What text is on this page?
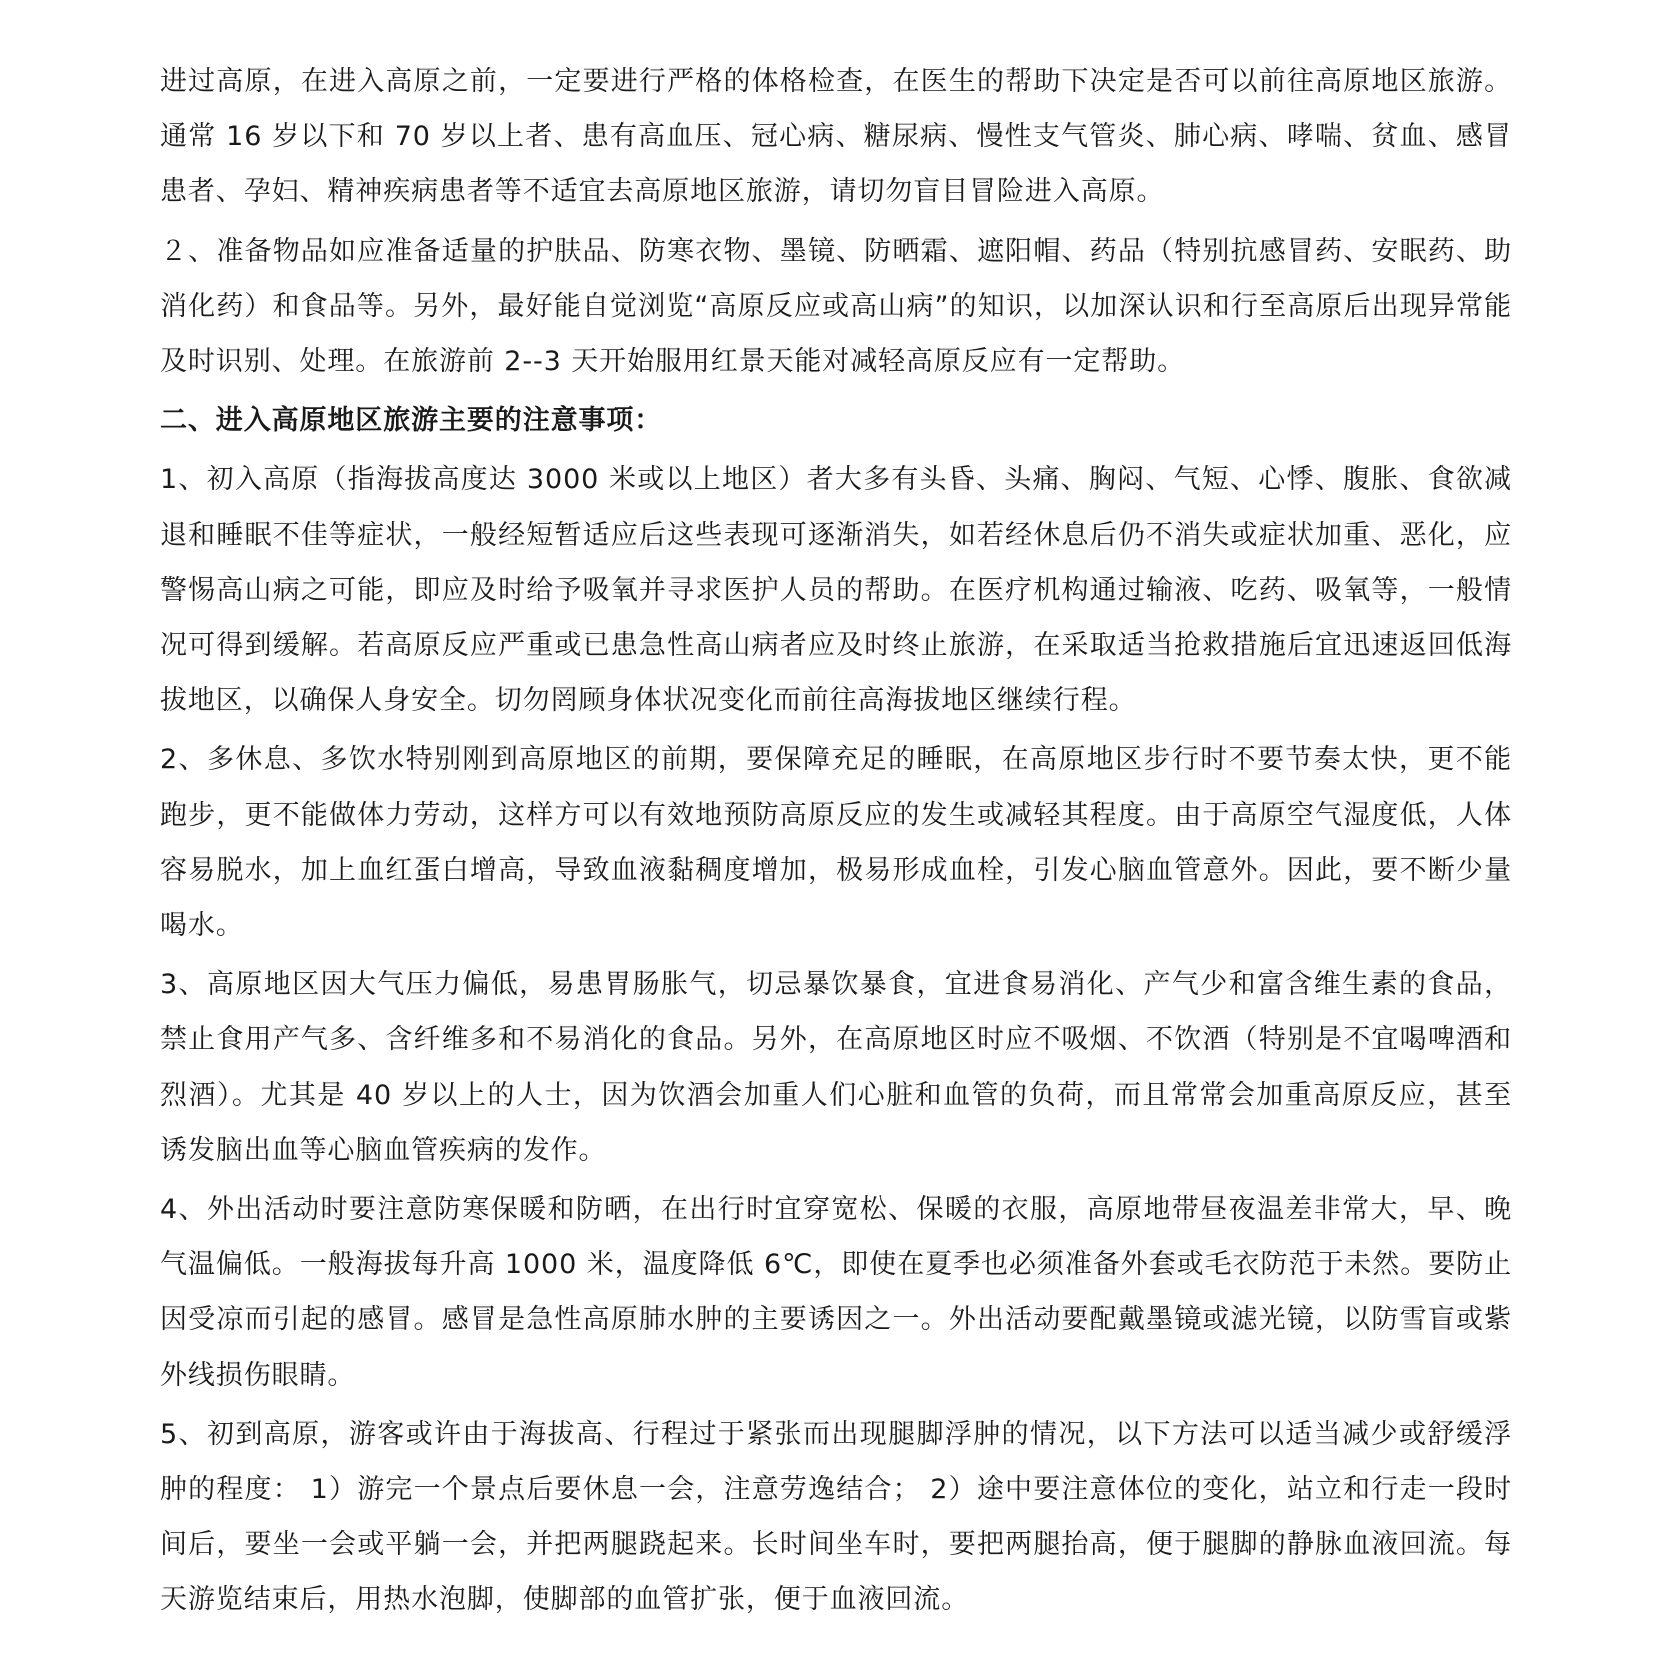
进过高原，在进入高原之前，一定要进行严格的体格检查，在医生的帮助下决定是否可以前往高原地区旅游。通常 16 岁以下和 70 岁以上者、患有高血压、冠心病、糖尿病、慢性支气管炎、肺心病、哮喘、贫血、感冒患者、孕妇、精神疾病患者等不适宜去高原地区旅游，请切勿盲目冒险进入高原。

２、准备物品如应准备适量的护肤品、防寒衣物、墨镜、防晒霜、遮阳帽、药品（特别抗感冒药、安眠药、助消化药）和食品等。另外，最好能自觉浏览“高原反应或高山病”的知识，以加深认识和行至高原后出现异常能及时识别、处理。在旅游前 2--3 天开始服用红景天能对减轻高原反应有一定帮助。

二、进入高原地区旅游主要的注意事项：

1、初入高原（指海拔高度达 3000 米或以上地区）者大多有头昏、头痛、胸闷、气短、心悸、腹胀、食欲减退和睡眠不佳等症状，一般经短暂适应后这些表现可逐渐消失，如若经休息后仍不消失或症状加重、恶化，应警惕高山病之可能，即应及时给予吸氧并寻求医护人员的帮助。在医疗机构通过输液、吃药、吸氧等，一般情况可得到缓解。若高原反应严重或已患急性高山病者应及时终止旅游，在采取适当抢救措施后宜迅速返回低海拔地区，以确保人身安全。切勿罔顾身体状况变化而前往高海拔地区继续行程。

2、多休息、多饮水特别刚到高原地区的前期，要保障充足的睡眠，在高原地区步行时不要节奏太快，更不能跑步，更不能做体力劳动，这样方可以有效地预防高原反应的发生或减轻其程度。由于高原空气湿度低，人体容易脱水，加上血红蛋白增高，导致血液黏稠度增加，极易形成血栓，引发心脑血管意外。因此，要不断少量喝水。

3、高原地区因大气压力偏低，易患胃肠胀气，切忌暴饮暴食，宜进食易消化、产气少和富含维生素的食品，禁止食用产气多、含纤维多和不易消化的食品。另外，在高原地区时应不吸烟、不饮酒（特别是不宜喝啤酒和烈酒）。尤其是 40 岁以上的人士，因为饮酒会加重人们心脏和血管的负荷，而且常常会加重高原反应，甚至诱发脑出血等心脑血管疾病的发作。

4、外出活动时要注意防寒保暖和防晒，在出行时宜穿宽松、保暖的衣服，高原地带昼夜温差非常大，早、晚气温偏低。一般海拔每升高 1000 米，温度降低 6℃，即使在夏季也必须准备外套或毛衣防范于未然。要防止因受凉而引起的感冒。感冒是急性高原肺水肿的主要诱因之一。外出活动要配戴墨镜或滤光镜，以防雪盲或紫外线损伤眼睛。

5、初到高原，游客或许由于海拔高、行程过于紧张而出现腿脚浮肿的情况，以下方法可以适当减少或舒缓浮肿的程度： 1）游完一个景点后要休息一会，注意劳逸结合； 2）途中要注意体位的变化，站立和行走一段时间后，要坐一会或平躺一会，并把两腿跷起来。长时间坐车时，要把两腿抬高，便于腿脚的静脉血液回流。每天游览结束后，用热水泡脚，使脚部的血管扩张，便于血液回流。
